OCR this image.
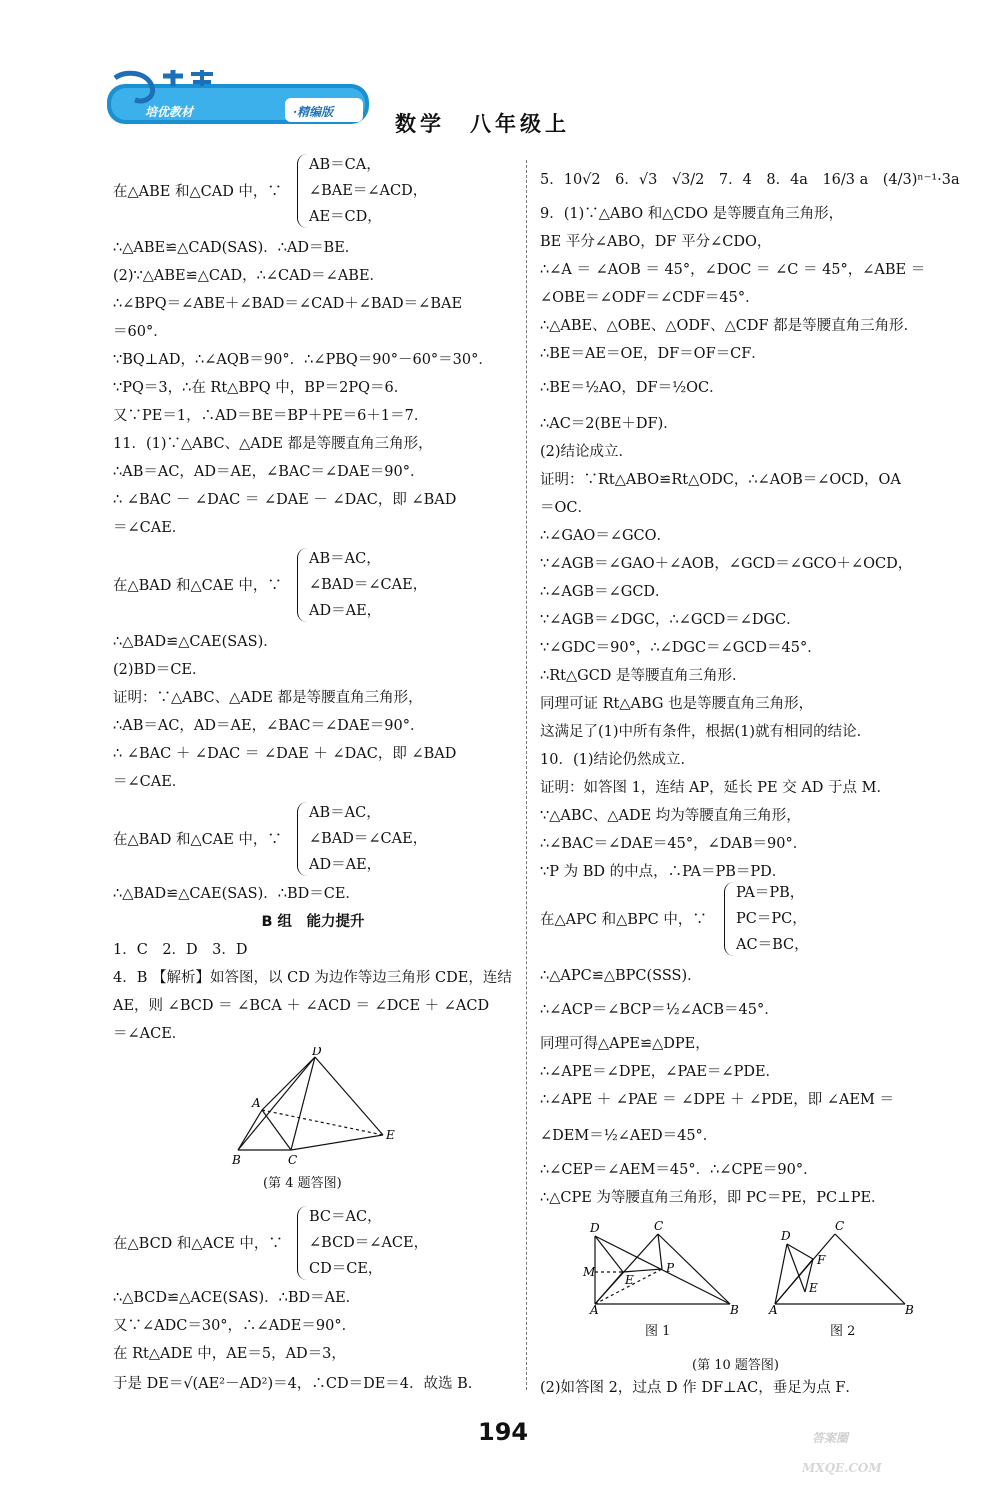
培优教材	·精编版	数学　八年级上
在△ABE 和△CAD 中，∵
AB＝CA，
∠BAE＝∠ACD，
AE＝CD，
∴△ABE≌△CAD(SAS)．∴AD＝BE．
(2)∵△ABE≌△CAD，∴∠CAD＝∠ABE．
∴∠BPQ＝∠ABE＋∠BAD＝∠CAD＋∠BAD＝∠BAE
＝60°．
∵BQ⊥AD，∴∠AQB＝90°．∴∠PBQ＝90°－60°＝30°．
∵PQ＝3，∴在 Rt△BPQ 中，BP＝2PQ＝6．
又∵PE＝1，∴AD＝BE＝BP＋PE＝6＋1＝7．
11．(1)∵△ABC、△ADE 都是等腰直角三角形，
∴AB＝AC，AD＝AE，∠BAC＝∠DAE＝90°．
∴ ∠BAC － ∠DAC ＝ ∠DAE － ∠DAC，即 ∠BAD
＝∠CAE．
在△BAD 和△CAE 中，∵
AB＝AC，
∠BAD＝∠CAE，
AD＝AE，
∴△BAD≌△CAE(SAS)．
(2)BD＝CE．
证明：∵△ABC、△ADE 都是等腰直角三角形，
∴AB＝AC，AD＝AE，∠BAC＝∠DAE＝90°．
∴ ∠BAC ＋ ∠DAC ＝ ∠DAE ＋ ∠DAC，即 ∠BAD
＝∠CAE．
在△BAD 和△CAE 中，∵
AB＝AC，
∠BAD＝∠CAE，
AD＝AE，
∴△BAD≌△CAE(SAS)．∴BD＝CE．
B 组　能力提升
1．C　2．D　3．D
4．B 【解析】如答图，以 CD 为边作等边三角形 CDE，连结
AE，则 ∠BCD ＝ ∠BCA ＋ ∠ACD ＝ ∠DCE ＋ ∠ACD
＝∠ACE．
D
A
B	C
E
(第 4 题答图)
在△BCD 和△ACE 中，∵
BC＝AC，
∠BCD＝∠ACE，
CD＝CE，
∴△BCD≌△ACE(SAS)．∴BD＝AE．
又∵∠ADC＝30°，∴∠ADE＝90°．
在 Rt△ADE 中，AE＝5，AD＝3，
于是 DE＝√(AE²－AD²)＝4，∴CD＝DE＝4．故选 B．
5．10√2　6．√3　√3/2　7．4　8．4a　16/3 a　(4/3)ⁿ⁻¹·3a
9．(1)∵△ABO 和△CDO 是等腰直角三角形，
BE 平分∠ABO，DF 平分∠CDO，
∴∠A ＝ ∠AOB ＝ 45°，∠DOC ＝ ∠C ＝ 45°，∠ABE ＝
∠OBE＝∠ODF＝∠CDF＝45°．
∴△ABE、△OBE、△ODF、△CDF 都是等腰直角三角形．
∴BE＝AE＝OE，DF＝OF＝CF．
∴BE＝½AO，DF＝½OC．
∴AC＝2(BE＋DF)．
(2)结论成立．
证明：∵Rt△ABO≌Rt△ODC，∴∠AOB＝∠OCD，OA
＝OC．
∴∠GAO＝∠GCO．
∵∠AGB＝∠GAO＋∠AOB，∠GCD＝∠GCO＋∠OCD，
∴∠AGB＝∠GCD．
∵∠AGB＝∠DGC，∴∠GCD＝∠DGC．
∵∠GDC＝90°，∴∠DGC＝∠GCD＝45°．
∴Rt△GCD 是等腰直角三角形．
同理可证 Rt△ABG 也是等腰直角三角形，
这满足了(1)中所有条件，根据(1)就有相同的结论．
10．(1)结论仍然成立．
证明：如答图 1，连结 AP，延长 PE 交 AD 于点 M．
∵△ABC、△ADE 均为等腰直角三角形，
∴∠BAC＝∠DAE＝45°，∠DAB＝90°．
∵P 为 BD 的中点，∴PA＝PB＝PD．
在△APC 和△BPC 中，∵
PA＝PB，
PC＝PC，
AC＝BC，
∴△APC≌△BPC(SSS)．
∴∠ACP＝∠BCP＝½∠ACB＝45°．
同理可得△APE≌△DPE，
∴∠APE＝∠DPE，∠PAE＝∠PDE．
∴∠APE ＋ ∠PAE ＝ ∠DPE ＋ ∠PDE，即 ∠AEM ＝
∠DEM＝½∠AED＝45°．
∴∠CEP＝∠AEM＝45°．∴∠CPE＝90°．
∴△CPE 为等腰直角三角形，即 PC＝PE，PC⊥PE．
D	C
M
E
P
A	B
D
C
F
E
A	B
图 1	图 2
(第 10 题答图)
(2)如答图 2，过点 D 作 DF⊥AC，垂足为点 F．
194	答案圈
MXQE.COM
